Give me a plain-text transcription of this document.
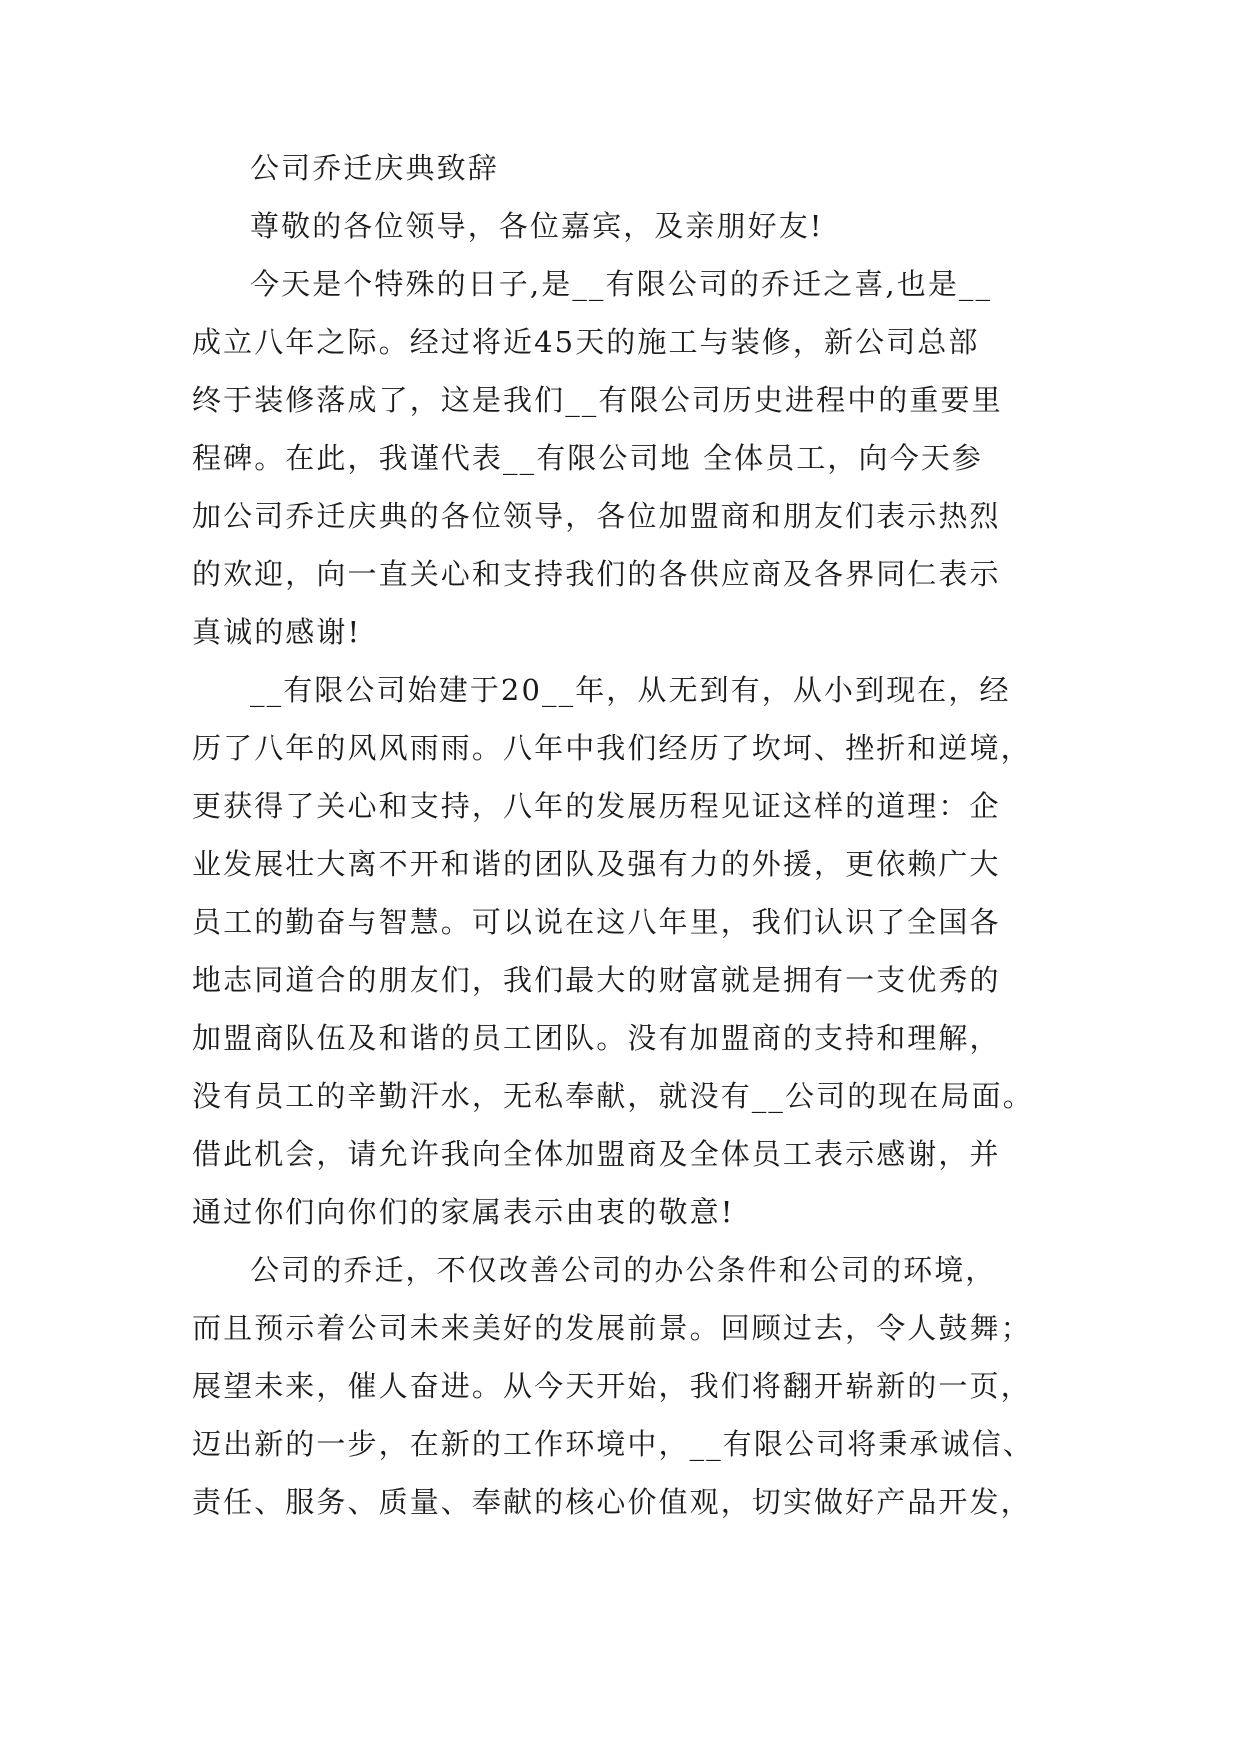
公司乔迁庆典致辞
尊敬的各位领导，各位嘉宾，及亲朋好友!
今天是个特殊的日子,是__有限公司的乔迁之喜,也是__
成立八年之际。经过将近45天的施工与装修，新公司总部
终于装修落成了，这是我们__有限公司历史进程中的重要里
程碑。在此，我谨代表__有限公司地 全体员工，向今天参
加公司乔迁庆典的各位领导，各位加盟商和朋友们表示热烈
的欢迎，向一直关心和支持我们的各供应商及各界同仁表示
真诚的感谢!
__有限公司始建于20__年，从无到有，从小到现在，经
历了八年的风风雨雨。八年中我们经历了坎坷、挫折和逆境，
更获得了关心和支持，八年的发展历程见证这样的道理：企
业发展壮大离不开和谐的团队及强有力的外援，更依赖广大
员工的勤奋与智慧。可以说在这八年里，我们认识了全国各
地志同道合的朋友们，我们最大的财富就是拥有一支优秀的
加盟商队伍及和谐的员工团队。没有加盟商的支持和理解，
没有员工的辛勤汗水，无私奉献，就没有__公司的现在局面。
借此机会，请允许我向全体加盟商及全体员工表示感谢，并
通过你们向你们的家属表示由衷的敬意!
公司的乔迁，不仅改善公司的办公条件和公司的环境，
而且预示着公司未来美好的发展前景。回顾过去，令人鼓舞；
展望未来，催人奋进。从今天开始，我们将翻开崭新的一页，
迈出新的一步，在新的工作环境中，__有限公司将秉承诚信、
责任、服务、质量、奉献的核心价值观，切实做好产品开发，
